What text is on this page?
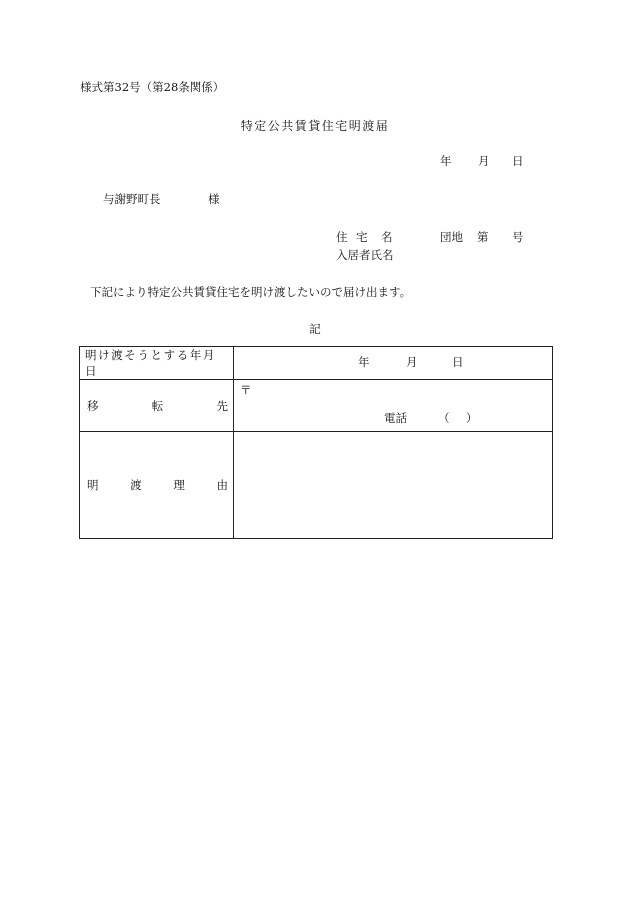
様式第32号（第28条関係）
特定公共賃貸住宅明渡届
年 月 日
与謝野町長	様
住 宅 名	団地 第 号
入居者氏名
下記により特定公共賃貸住宅を明け渡したいので届け出ます。
記
明け渡そうとする年月日	年 月 日

移 転 先	〒
電話 （ ）

明 渡 理 由	
